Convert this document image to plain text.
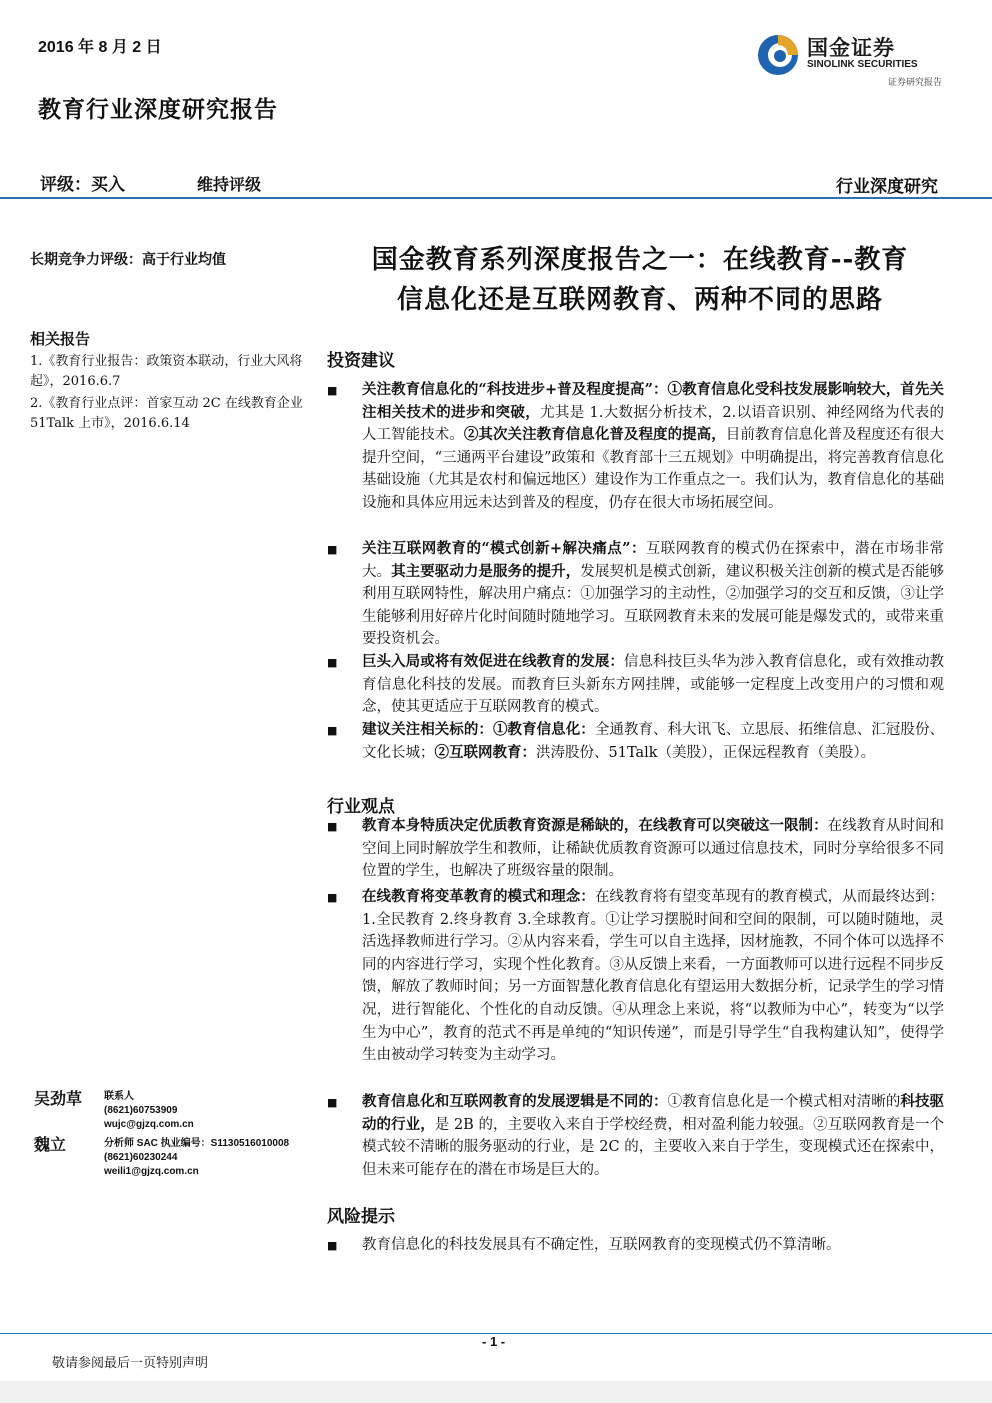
2016 年 8 月 2 日
教育行业深度研究报告
国金证券
SINOLINK SECURITIES
证券研究报告
评级：买入	维持评级	行业深度研究
长期竞争力评级：高于行业均值
相关报告
1.《教育行业报告：政策资本联动，行业大风将起》，2016.6.7
2.《教育行业点评：首家互动 2C 在线教育企业 51Talk 上市》，2016.6.14
国金教育系列深度报告之一：在线教育--教育
信息化还是互联网教育、两种不同的思路
投资建议
■ 关注教育信息化的“科技进步+普及程度提高”：①教育信息化受科技发展影响较大，首先关注相关技术的进步和突破，尤其是 1.大数据分析技术，2.以语音识别、神经网络为代表的人工智能技术。②其次关注教育信息化普及程度的提高，目前教育信息化普及程度还有很大提升空间，“三通两平台建设”政策和《教育部十三五规划》中明确提出，将完善教育信息化基础设施（尤其是农村和偏远地区）建设作为工作重点之一。我们认为，教育信息化的基础设施和具体应用远未达到普及的程度，仍存在很大市场拓展空间。
■ 关注互联网教育的“模式创新+解决痛点”：互联网教育的模式仍在探索中，潜在市场非常大。其主要驱动力是服务的提升，发展契机是模式创新，建议积极关注创新的模式是否能够利用互联网特性，解决用户痛点：①加强学习的主动性，②加强学习的交互和反馈，③让学生能够利用好碎片化时间随时随地学习。互联网教育未来的发展可能是爆发式的，或带来重要投资机会。
■ 巨头入局或将有效促进在线教育的发展：信息科技巨头华为涉入教育信息化，或有效推动教育信息化科技的发展。而教育巨头新东方网挂牌，或能够一定程度上改变用户的习惯和观念，使其更适应于互联网教育的模式。
■ 建议关注相关标的：①教育信息化：全通教育、科大讯飞、立思辰、拓维信息、汇冠股份、文化长城；②互联网教育：洪涛股份、51Talk（美股），正保远程教育（美股）。
行业观点
■ 教育本身特质决定优质教育资源是稀缺的，在线教育可以突破这一限制：在线教育从时间和空间上同时解放学生和教师，让稀缺优质教育资源可以通过信息技术，同时分享给很多不同位置的学生，也解决了班级容量的限制。
■ 在线教育将变革教育的模式和理念：在线教育将有望变革现有的教育模式，从而最终达到：1.全民教育 2.终身教育 3.全球教育。①让学习摆脱时间和空间的限制，可以随时随地，灵活选择教师进行学习。②从内容来看，学生可以自主选择，因材施教，不同个体可以选择不同的内容进行学习，实现个性化教育。③从反馈上来看，一方面教师可以进行远程不同步反馈，解放了教师时间；另一方面智慧化教育信息化有望运用大数据分析，记录学生的学习情况，进行智能化、个性化的自动反馈。④从理念上来说，将“以教师为中心”，转变为“以学生为中心”，教育的范式不再是单纯的“知识传递”，而是引导学生“自我构建认知”，使得学生由被动学习转变为主动学习。
■ 教育信息化和互联网教育的发展逻辑是不同的：①教育信息化是一个模式相对清晰的科技驱动的行业，是 2B 的，主要收入来自于学校经费，相对盈利能力较强。②互联网教育是一个模式较不清晰的服务驱动的行业，是 2C 的，主要收入来自于学生，变现模式还在探索中，但未来可能存在的潜在市场是巨大的。
风险提示
■ 教育信息化的科技发展具有不确定性，互联网教育的变现模式仍不算清晰。
吴劲草 联系人
(8621)60753909
wujc@gjzq.com.cn
魏立	分析师 SAC 执业编号：S1130516010008
(8621)60230244
weili1@gjzq.com.cn
- 1 -
敬请参阅最后一页特别声明
